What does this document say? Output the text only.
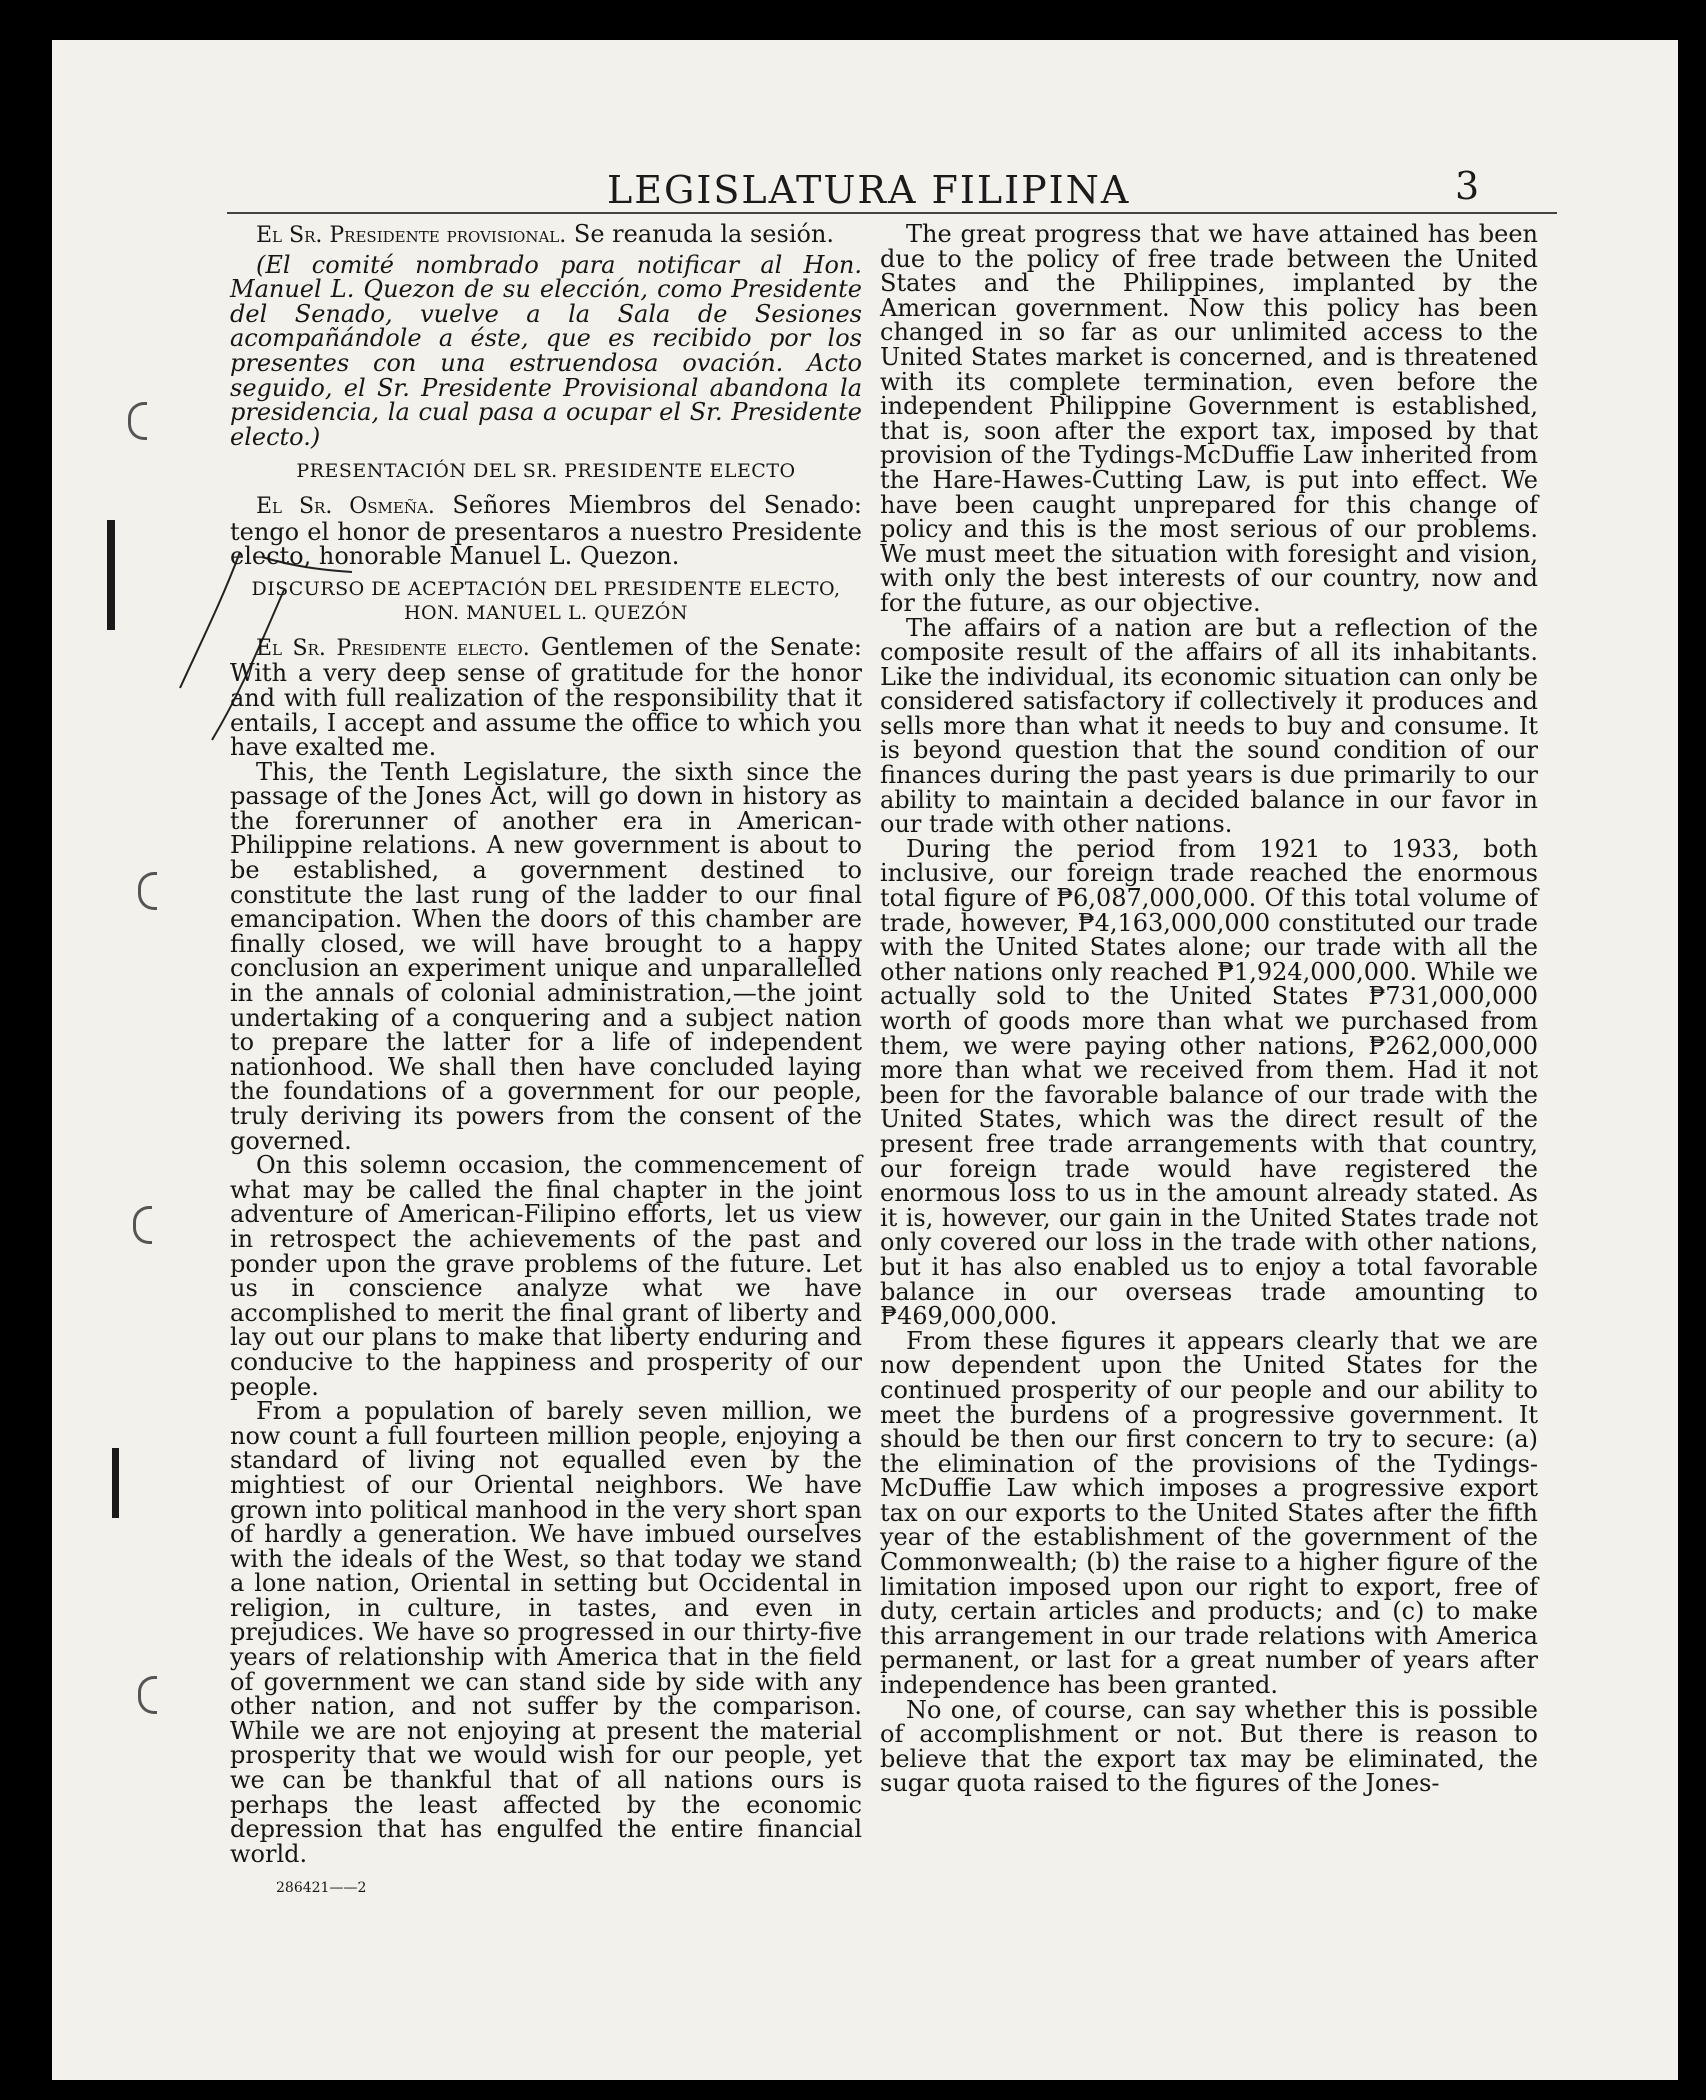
LEGISLATURA FILIPINA	3

El Sr. Presidente provisional. Se reanuda la sesión.

(El comité nombrado para notificar al Hon. Manuel L. Quezon de su elección, como Presidente del Senado, vuelve a la Sala de Sesiones acompañándole a éste, que es recibido por los presentes con una estruendosa ovación. Acto seguido, el Sr. Presidente Provisional abandona la presidencia, la cual pasa a ocupar el Sr. Presidente electo.)

PRESENTACIÓN DEL SR. PRESIDENTE ELECTO

El Sr. Osmeña. Señores Miembros del Senado: tengo el honor de presentaros a nuestro Presidente electo, honorable Manuel L. Quezon.

DISCURSO DE ACEPTACIÓN DEL PRESIDENTE ELECTO,
HON. MANUEL L. QUEZÓN

El Sr. Presidente electo. Gentlemen of the Senate: With a very deep sense of gratitude for the honor and with full realization of the responsibility that it entails, I accept and assume the office to which you have exalted me.

This, the Tenth Legislature, the sixth since the passage of the Jones Act, will go down in history as the forerunner of another era in American-Philippine relations. A new government is about to be established, a government destined to constitute the last rung of the ladder to our final emancipation. When the doors of this chamber are finally closed, we will have brought to a happy conclusion an experiment unique and unparallelled in the annals of colonial administration,—the joint undertaking of a conquering and a subject nation to prepare the latter for a life of independent nationhood. We shall then have concluded laying the foundations of a government for our people, truly deriving its powers from the consent of the governed.

On this solemn occasion, the commencement of what may be called the final chapter in the joint adventure of American-Filipino efforts, let us view in retrospect the achievements of the past and ponder upon the grave problems of the future. Let us in conscience analyze what we have accomplished to merit the final grant of liberty and lay out our plans to make that liberty enduring and conducive to the happiness and prosperity of our people.

From a population of barely seven million, we now count a full fourteen million people, enjoying a standard of living not equalled even by the mightiest of our Oriental neighbors. We have grown into political manhood in the very short span of hardly a generation. We have imbued ourselves with the ideals of the West, so that today we stand a lone nation, Oriental in setting but Occidental in religion, in culture, in tastes, and even in prejudices. We have so progressed in our thirty-five years of relationship with America that in the field of government we can stand side by side with any other nation, and not suffer by the comparison. While we are not enjoying at present the material prosperity that we would wish for our people, yet we can be thankful that of all nations ours is perhaps the least affected by the economic depression that has engulfed the entire financial world.

286421——2

The great progress that we have attained has been due to the policy of free trade between the United States and the Philippines, implanted by the American government. Now this policy has been changed in so far as our unlimited access to the United States market is concerned, and is threatened with its complete termination, even before the independent Philippine Government is established, that is, soon after the export tax, imposed by that provision of the Tydings-McDuffie Law inherited from the Hare-Hawes-Cutting Law, is put into effect. We have been caught unprepared for this change of policy and this is the most serious of our problems. We must meet the situation with foresight and vision, with only the best interests of our country, now and for the future, as our objective.

The affairs of a nation are but a reflection of the composite result of the affairs of all its inhabitants. Like the individual, its economic situation can only be considered satisfactory if collectively it produces and sells more than what it needs to buy and consume. It is beyond question that the sound condition of our finances during the past years is due primarily to our ability to maintain a decided balance in our favor in our trade with other nations.

During the period from 1921 to 1933, both inclusive, our foreign trade reached the enormous total figure of ₱6,087,000,000. Of this total volume of trade, however, ₱4,163,000,000 constituted our trade with the United States alone; our trade with all the other nations only reached ₱1,924,000,000. While we actually sold to the United States ₱731,000,000 worth of goods more than what we purchased from them, we were paying other nations, ₱262,000,000 more than what we received from them. Had it not been for the favorable balance of our trade with the United States, which was the direct result of the present free trade arrangements with that country, our foreign trade would have registered the enormous loss to us in the amount already stated. As it is, however, our gain in the United States trade not only covered our loss in the trade with other nations, but it has also enabled us to enjoy a total favorable balance in our overseas trade amounting to ₱469,000,000.

From these figures it appears clearly that we are now dependent upon the United States for the continued prosperity of our people and our ability to meet the burdens of a progressive government. It should be then our first concern to try to secure: (a) the elimination of the provisions of the Tydings-McDuffie Law which imposes a progressive export tax on our exports to the United States after the fifth year of the establishment of the government of the Commonwealth; (b) the raise to a higher figure of the limitation imposed upon our right to export, free of duty, certain articles and products; and (c) to make this arrangement in our trade relations with America permanent, or last for a great number of years after independence has been granted.

No one, of course, can say whether this is possible of accomplishment or not. But there is reason to believe that the export tax may be eliminated, the sugar quota raised to the figures of the Jones-
